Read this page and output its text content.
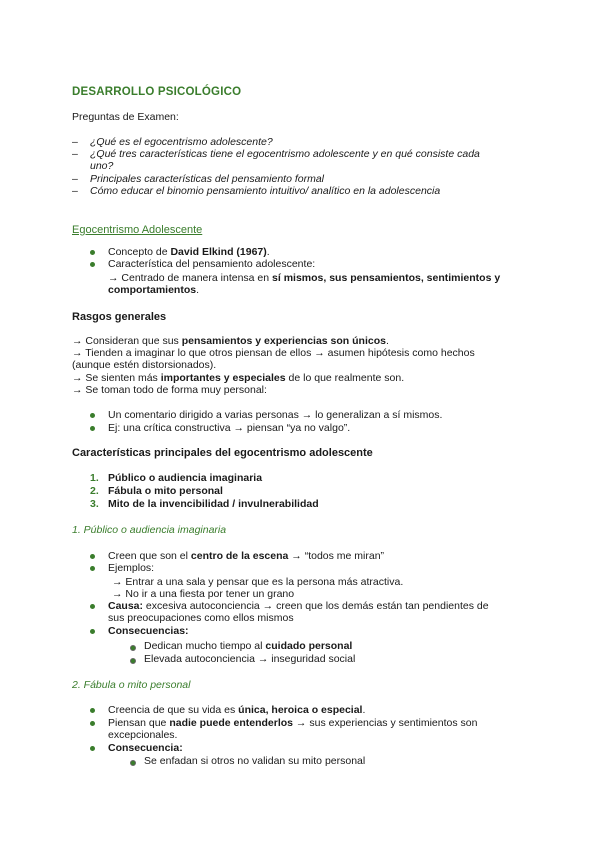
DESARROLLO PSICOLÓGICO
Preguntas de Examen:
– ¿Qué es el egocentrismo adolescente?
– ¿Qué tres características tiene el egocentrismo adolescente y en qué consiste cada
uno?
– Principales características del pensamiento formal
– Cómo educar el binomio pensamiento intuitivo/ analítico en la adolescencia
Egocentrismo Adolescente
Concepto de David Elkind (1967).
Característica del pensamiento adolescente:
→ Centrado de manera intensa en sí mismos, sus pensamientos, sentimientos y
comportamientos.
Rasgos generales
→ Consideran que sus pensamientos y experiencias son únicos.
→ Tienden a imaginar lo que otros piensan de ellos → asumen hipótesis como hechos
(aunque estén distorsionados).
→ Se sienten más importantes y especiales de lo que realmente son.
→ Se toman todo de forma muy personal:
Un comentario dirigido a varias personas → lo generalizan a sí mismos.
Ej: una crítica constructiva → piensan “ya no valgo”.
Características principales del egocentrismo adolescente
1. Público o audiencia imaginaria
2. Fábula o mito personal
3. Mito de la invencibilidad / invulnerabilidad
1. Público o audiencia imaginaria
Creen que son el centro de la escena → “todos me miran”
Ejemplos:
→ Entrar a una sala y pensar que es la persona más atractiva.
→ No ir a una fiesta por tener un grano
Causa: excesiva autoconciencia → creen que los demás están tan pendientes de
sus preocupaciones como ellos mismos
Consecuencias:
Dedican mucho tiempo al cuidado personal
Elevada autoconciencia → inseguridad social
2. Fábula o mito personal
Creencia de que su vida es única, heroica o especial.
Piensan que nadie puede entenderlos → sus experiencias y sentimientos son
excepcionales.
Consecuencia:
Se enfadan si otros no validan su mito personal
